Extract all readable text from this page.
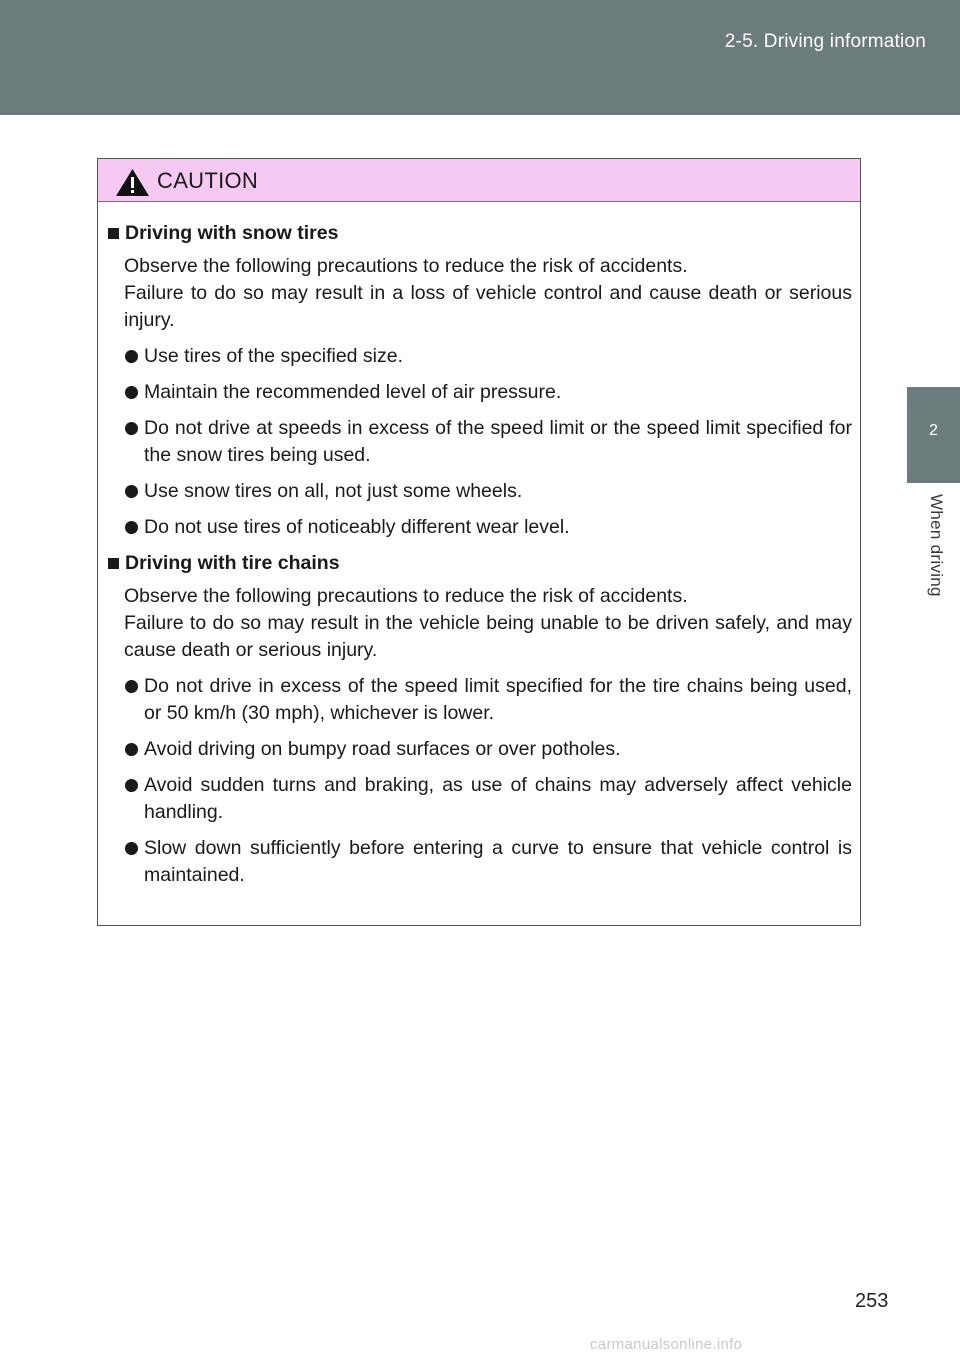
2-5. Driving information
2
When driving
CAUTION
Driving with snow tires
Observe the following precautions to reduce the risk of accidents.
Failure to do so may result in a loss of vehicle control and cause death or serious injury.
Use tires of the specified size.
Maintain the recommended level of air pressure.
Do not drive at speeds in excess of the speed limit or the speed limit specified for the snow tires being used.
Use snow tires on all, not just some wheels.
Do not use tires of noticeably different wear level.
Driving with tire chains
Observe the following precautions to reduce the risk of accidents.
Failure to do so may result in the vehicle being unable to be driven safely, and may cause death or serious injury.
Do not drive in excess of the speed limit specified for the tire chains being used, or 50 km/h (30 mph), whichever is lower.
Avoid driving on bumpy road surfaces or over potholes.
Avoid sudden turns and braking, as use of chains may adversely affect vehicle handling.
Slow down sufficiently before entering a curve to ensure that vehicle control is maintained.
253
carmanualsonline.info
